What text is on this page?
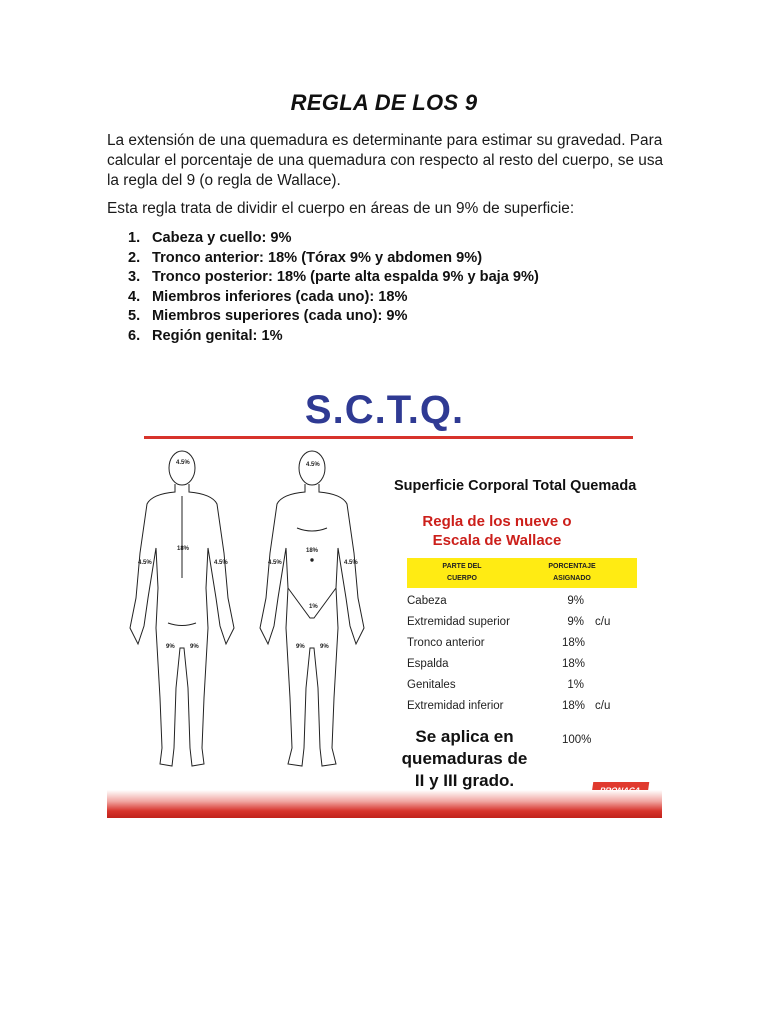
REGLA DE LOS 9
La extensión de una quemadura es determinante para estimar su gravedad. Para calcular el porcentaje de una quemadura con respecto al resto del cuerpo, se usa la regla del 9 (o regla de Wallace).
Esta regla trata de dividir el cuerpo en áreas de un 9% de superficie:
1. Cabeza y cuello: 9%
2. Tronco anterior: 18% (Tórax 9% y abdomen 9%)
3. Tronco posterior: 18% (parte alta espalda 9% y baja 9%)
4. Miembros inferiores (cada uno): 18%
5. Miembros superiores (cada uno): 9%
6. Región genital: 1%
S.C.T.Q.
4.5%
18%
4.5%	4.5%
9%	9%
4.5%
18%
1%
4.5%	4.5%
9%	9%
Superficie Corporal Total Quemada
Regla de los nueve o
Escala de Wallace
PARTE DEL
CUERPO
PORCENTAJE
ASIGNADO
Cabeza	9%
Extremidad superior	9% c/u
Tronco anterior	18%
Espalda	18%
Genitales	1%
Extremidad inferior	18% c/u
Se aplica en
quemaduras de
II y III grado.
100%
